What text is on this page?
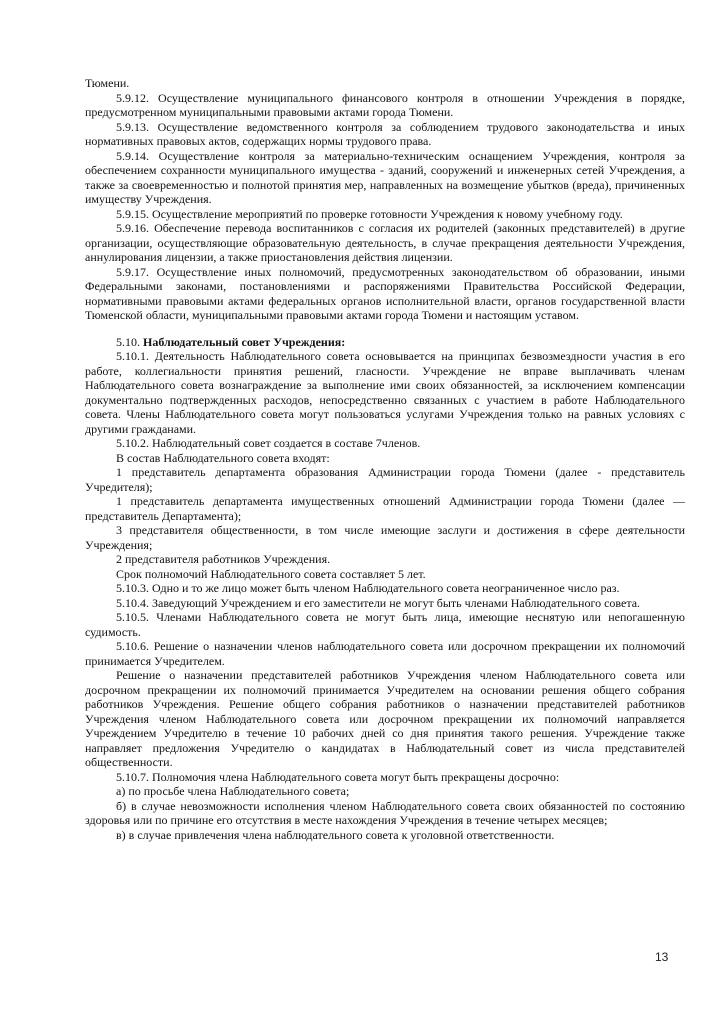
Тюмени.

5.9.12. Осуществление муниципального финансового контроля в отношении Учреждения в порядке, предусмотренном муниципальными правовыми актами города Тюмени.

5.9.13. Осуществление ведомственного контроля за соблюдением трудового законодательства и иных нормативных правовых актов, содержащих нормы трудового права.

5.9.14. Осуществление контроля за материально-техническим оснащением Учреждения, контроля за обеспечением сохранности муниципального имущества - зданий, сооружений и инженерных сетей Учреждения, а также за своевременностью и полнотой принятия мер, направленных на возмещение убытков (вреда), причиненных имуществу Учреждения.

5.9.15. Осуществление мероприятий по проверке готовности Учреждения к новому учебному году.

5.9.16. Обеспечение перевода воспитанников с согласия их родителей (законных представителей) в другие организации, осуществляющие образовательную деятельность, в случае прекращения деятельности Учреждения, аннулирования лицензии, а также приостановления действия лицензии.

5.9.17. Осуществление иных полномочий, предусмотренных законодательством об образовании, иными Федеральными законами, постановлениями и распоряжениями Правительства Российской Федерации, нормативными правовыми актами федеральных органов исполнительной власти, органов государственной власти Тюменской области, муниципальными правовыми актами города Тюмени и настоящим уставом.

5.10. Наблюдательный совет Учреждения:

5.10.1. Деятельность Наблюдательного совета основывается на принципах безвозмездности участия в его работе, коллегиальности принятия решений, гласности. Учреждение не вправе выплачивать членам Наблюдательного совета вознаграждение за выполнение ими своих обязанностей, за исключением компенсации документально подтвержденных расходов, непосредственно связанных с участием в работе Наблюдательного совета. Члены Наблюдательного совета могут пользоваться услугами Учреждения только на равных условиях с другими гражданами.

5.10.2. Наблюдательный совет создается в составе 7членов.

В состав Наблюдательного совета входят:

1 представитель департамента образования Администрации города Тюмени (далее - представитель Учредителя);

1 представитель департамента имущественных отношений Администрации города Тюмени (далее — представитель Департамента);

3 представителя общественности, в том числе имеющие заслуги и достижения в сфере деятельности Учреждения;

2 представителя работников Учреждения.

Срок полномочий Наблюдательного совета составляет 5 лет.

5.10.3. Одно и то же лицо может быть членом Наблюдательного совета неограниченное число раз.

5.10.4. Заведующий Учреждением и его заместители не могут быть членами Наблюдательного совета.

5.10.5. Членами Наблюдательного совета не могут быть лица, имеющие неснятую или непогашенную судимость.

5.10.6. Решение о назначении членов наблюдательного совета или досрочном прекращении их полномочий принимается Учредителем.

Решение о назначении представителей работников Учреждения членом Наблюдательного совета или досрочном прекращении их полномочий принимается Учредителем на основании решения общего собрания работников Учреждения. Решение общего собрания работников о назначении представителей работников Учреждения членом Наблюдательного совета или досрочном прекращении их полномочий направляется Учреждением Учредителю в течение 10 рабочих дней со дня принятия такого решения. Учреждение также направляет предложения Учредителю о кандидатах в Наблюдательный совет из числа представителей общественности.

5.10.7. Полномочия члена Наблюдательного совета могут быть прекращены досрочно:

а) по просьбе члена Наблюдательного совета;

б) в случае невозможности исполнения членом Наблюдательного совета своих обязанностей по состоянию здоровья или по причине его отсутствия в месте нахождения Учреждения в течение четырех месяцев;

в) в случае привлечения члена наблюдательного совета к уголовной ответственности.

13
